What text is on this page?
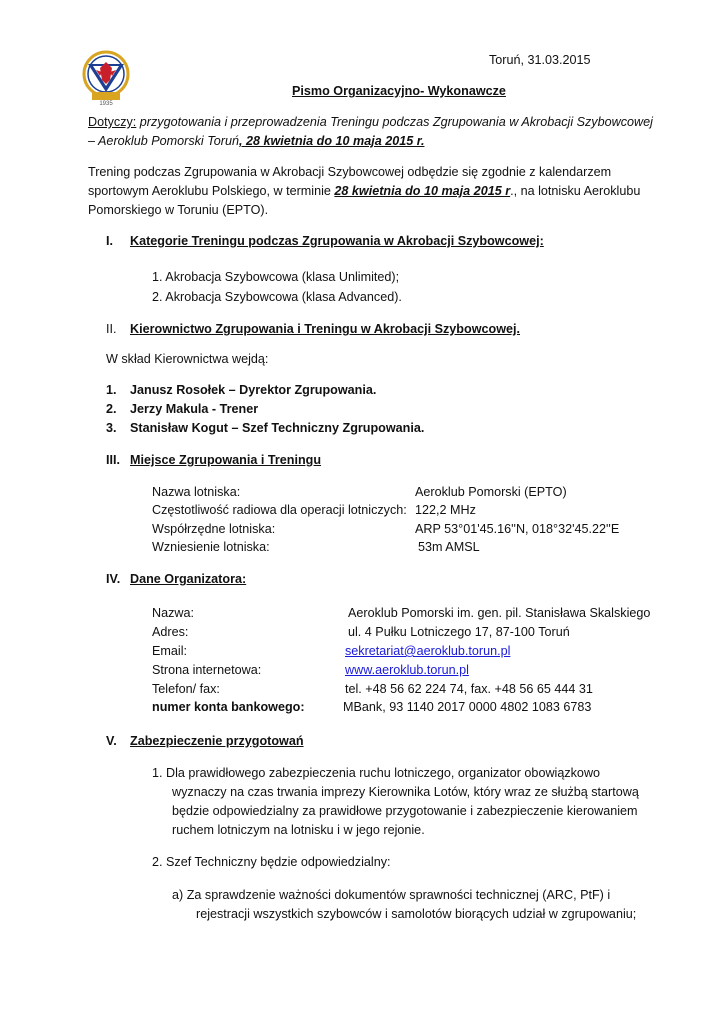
1935
Toruń, 31.03.2015
Pismo Organizacyjno- Wykonawcze
Dotyczy: przygotowania i przeprowadzenia Treningu podczas Zgrupowania w Akrobacji Szybowcowej
– Aeroklub Pomorski Toruń, 28 kwietnia do 10 maja 2015 r.
Trening podczas Zgrupowania w Akrobacji Szybowcowej odbędzie się zgodnie z kalendarzem
sportowym Aeroklubu Polskiego, w terminie 28 kwietnia do 10 maja 2015 r., na lotnisku Aeroklubu
Pomorskiego w Toruniu (EPTO).
I. Kategorie Treningu podczas Zgrupowania w Akrobacji Szybowcowej:
1. Akrobacja Szybowcowa (klasa Unlimited);
2. Akrobacja Szybowcowa (klasa Advanced).
II. Kierownictwo Zgrupowania i Treningu w Akrobacji Szybowcowej.
W skład Kierownictwa wejdą:
1. Janusz Rosołek – Dyrektor Zgrupowania.
2. Jerzy Makula - Trener
3. Stanisław Kogut – Szef Techniczny Zgrupowania.
III. Miejsce Zgrupowania i Treningu
Nazwa lotniska:	Aeroklub Pomorski (EPTO)
Częstotliwość radiowa dla operacji lotniczych: 122,2 MHz
Współrzędne lotniska:	ARP 53°01'45.16''N, 018°32'45.22''E
Wzniesienie lotniska:	53m AMSL
IV. Dane Organizatora:
Nazwa:	Aeroklub Pomorski im. gen. pil. Stanisława Skalskiego
Adres:	ul. 4 Pułku Lotniczego 17, 87-100 Toruń
Email:	sekretariat@aeroklub.torun.pl
Strona internetowa:	www.aeroklub.torun.pl
Telefon/ fax:	tel. +48 56 62 224 74, fax. +48 56 65 444 31
numer konta bankowego:	MBank, 93 1140 2017 0000 4802 1083 6783
V. Zabezpieczenie przygotowań
1. Dla prawidłowego zabezpieczenia ruchu lotniczego, organizator obowiązkowo
wyznaczy na czas trwania imprezy Kierownika Lotów, który wraz ze służbą startową
będzie odpowiedzialny za prawidłowe przygotowanie i zabezpieczenie kierowaniem
ruchem lotniczym na lotnisku i w jego rejonie.
2. Szef Techniczny będzie odpowiedzialny:
a) Za sprawdzenie ważności dokumentów sprawności technicznej (ARC, PtF) i
rejestracji wszystkich szybowców i samolotów biorących udział w zgrupowaniu;
